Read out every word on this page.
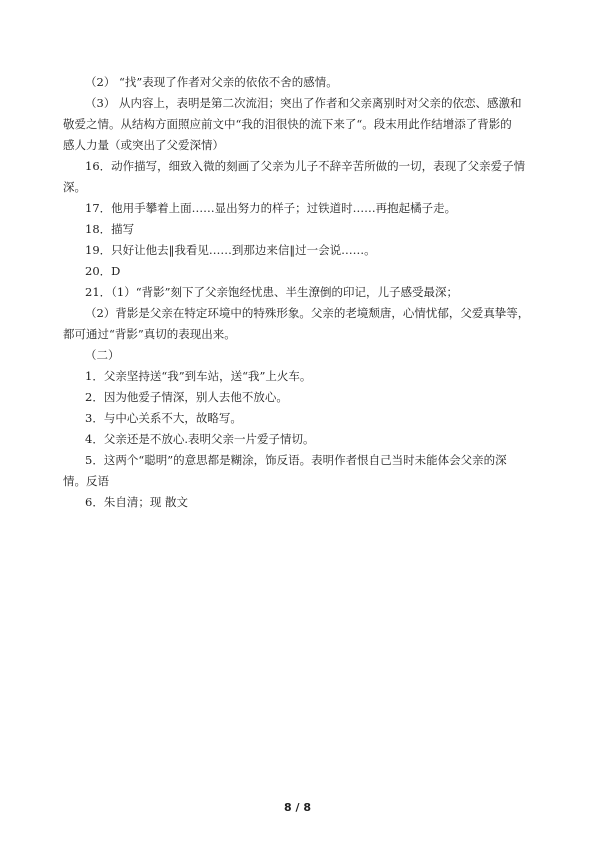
（2） “找”表现了作者对父亲的依依不舍的感情。
（3） 从内容上，表明是第二次流泪；突出了作者和父亲离别时对父亲的依恋、感激和
敬爱之情。从结构方面照应前文中“我的泪很快的流下来了“。段末用此作结增添了背影的
感人力量（或突出了父爱深情）
16．动作描写，细致入微的刻画了父亲为儿子不辞辛苦所做的一切，表现了父亲爱子情
深。
17．他用手攀着上面……显出努力的样子；过铁道时……再抱起橘子走。
18．描写
19．只好让他去‖我看见……到那边来信‖过一会说……。
20．D
21．（1）“背影”刻下了父亲饱经忧患、半生潦倒的印记，儿子感受最深；
（2）背影是父亲在特定环境中的特殊形象。父亲的老境颓唐，心情忧郁，父爱真挚等，
都可通过“背影”真切的表现出来。
（二）
1．父亲坚持送“我”到车站，送“我”上火车。
2．因为他爱子情深，别人去他不放心。
3．与中心关系不大，故略写。
4．父亲还是不放心.表明父亲一片爱子情切。
5．这两个“聪明”的意思都是糊涂，饰反语。表明作者恨自己当时未能体会父亲的深
情。反语
6．朱自清；现 散文
8 / 8
